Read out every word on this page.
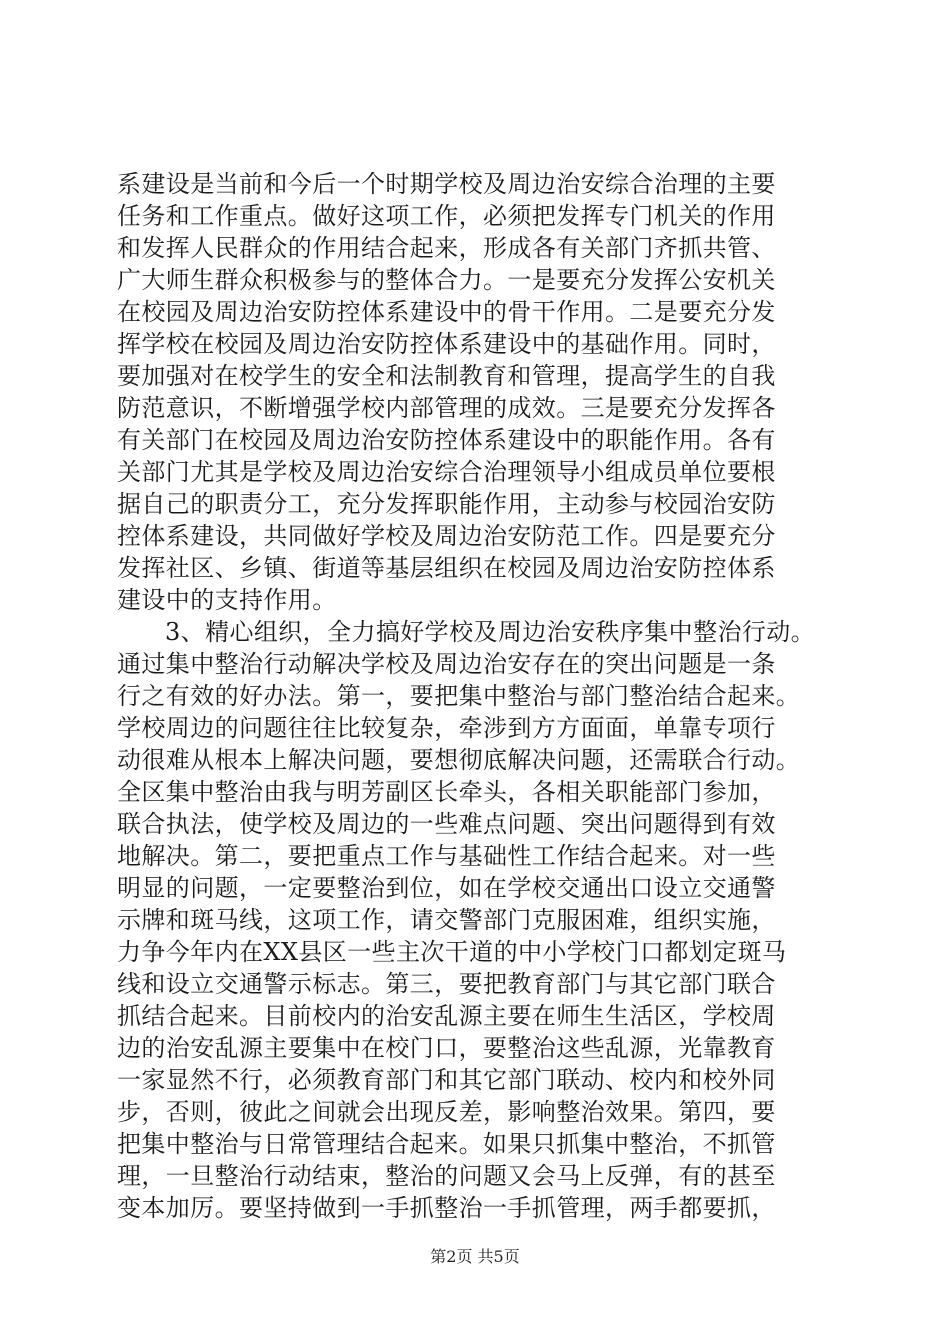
系建设是当前和今后一个时期学校及周边治安综合治理的主要
任务和工作重点。做好这项工作，必须把发挥专门机关的作用
和发挥人民群众的作用结合起来，形成各有关部门齐抓共管、
广大师生群众积极参与的整体合力。一是要充分发挥公安机关
在校园及周边治安防控体系建设中的骨干作用。二是要充分发
挥学校在校园及周边治安防控体系建设中的基础作用。同时，
要加强对在校学生的安全和法制教育和管理，提高学生的自我
防范意识，不断增强学校内部管理的成效。三是要充分发挥各
有关部门在校园及周边治安防控体系建设中的职能作用。各有
关部门尤其是学校及周边治安综合治理领导小组成员单位要根
据自己的职责分工，充分发挥职能作用，主动参与校园治安防
控体系建设，共同做好学校及周边治安防范工作。四是要充分
发挥社区、乡镇、街道等基层组织在校园及周边治安防控体系
建设中的支持作用。
3、精心组织，全力搞好学校及周边治安秩序集中整治行动。
通过集中整治行动解决学校及周边治安存在的突出问题是一条
行之有效的好办法。第一，要把集中整治与部门整治结合起来。
学校周边的问题往往比较复杂，牵涉到方方面面，单靠专项行
动很难从根本上解决问题，要想彻底解决问题，还需联合行动。
全区集中整治由我与明芳副区长牵头，各相关职能部门参加，
联合执法，使学校及周边的一些难点问题、突出问题得到有效
地解决。第二，要把重点工作与基础性工作结合起来。对一些
明显的问题，一定要整治到位，如在学校交通出口设立交通警
示牌和斑马线，这项工作，请交警部门克服困难，组织实施，
力争今年内在XX县区一些主次干道的中小学校门口都划定斑马
线和设立交通警示标志。第三，要把教育部门与其它部门联合
抓结合起来。目前校内的治安乱源主要在师生生活区，学校周
边的治安乱源主要集中在校门口，要整治这些乱源，光靠教育
一家显然不行，必须教育部门和其它部门联动、校内和校外同
步，否则，彼此之间就会出现反差，影响整治效果。第四，要
把集中整治与日常管理结合起来。如果只抓集中整治，不抓管
理，一旦整治行动结束，整治的问题又会马上反弹，有的甚至
变本加厉。要坚持做到一手抓整治一手抓管理，两手都要抓，
第2页 共5页
